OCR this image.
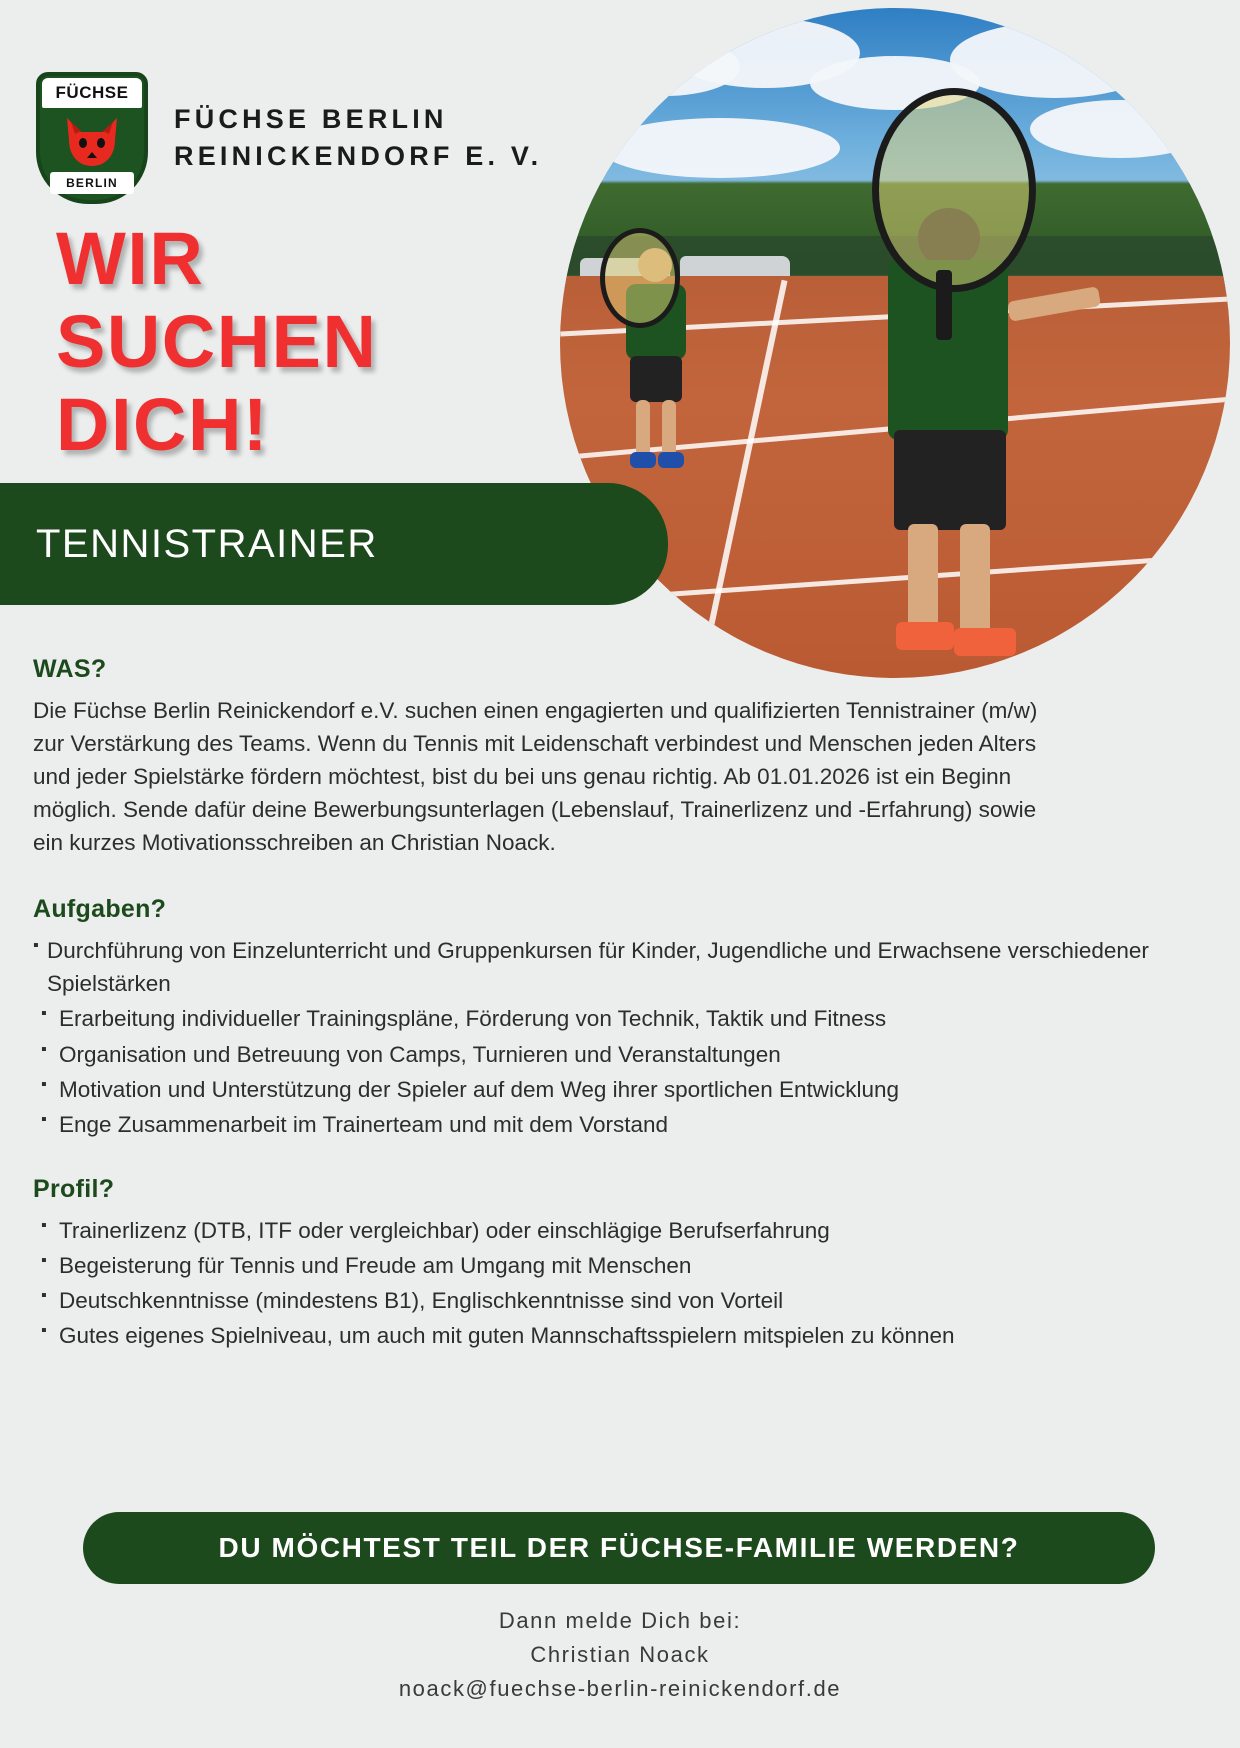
FÜCHSE
BERLIN
FÜCHSE BERLIN
REINICKENDORF E. V.
WIR
SUCHEN
DICH!
TENNISTRAINER
WAS?

Die Füchse Berlin Reinickendorf e.V. suchen einen engagierten und qualifizierten Tennistrainer (m/w) zur Verstärkung des Teams. Wenn du Tennis mit Leidenschaft verbindest und Menschen jeden Alters und jeder Spielstärke fördern möchtest, bist du bei uns genau richtig. Ab 01.01.2026 ist ein Beginn möglich. Sende dafür deine Bewerbungsunterlagen (Lebenslauf, Trainerlizenz und -Erfahrung) sowie ein kurzes Motivationsschreiben an Christian Noack.

Aufgaben?
▪ Durchführung von Einzelunterricht und Gruppenkursen für Kinder, Jugendliche und Erwachsene verschiedener Spielstärken
▪ Erarbeitung individueller Trainingspläne, Förderung von Technik, Taktik und Fitness
▪ Organisation und Betreuung von Camps, Turnieren und Veranstaltungen
▪ Motivation und Unterstützung der Spieler auf dem Weg ihrer sportlichen Entwicklung
▪ Enge Zusammenarbeit im Trainerteam und mit dem Vorstand
Profil?
▪ Trainerlizenz (DTB, ITF oder vergleichbar) oder einschlägige Berufserfahrung
▪ Begeisterung für Tennis und Freude am Umgang mit Menschen
▪ Deutschkenntnisse (mindestens B1), Englischkenntnisse sind von Vorteil
▪ Gutes eigenes Spielniveau, um auch mit guten Mannschaftsspielern mitspielen zu können
DU MÖCHTEST TEIL DER FÜCHSE-FAMILIE WERDEN?
Dann melde Dich bei:
Christian Noack
noack@fuechse-berlin-reinickendorf.de
